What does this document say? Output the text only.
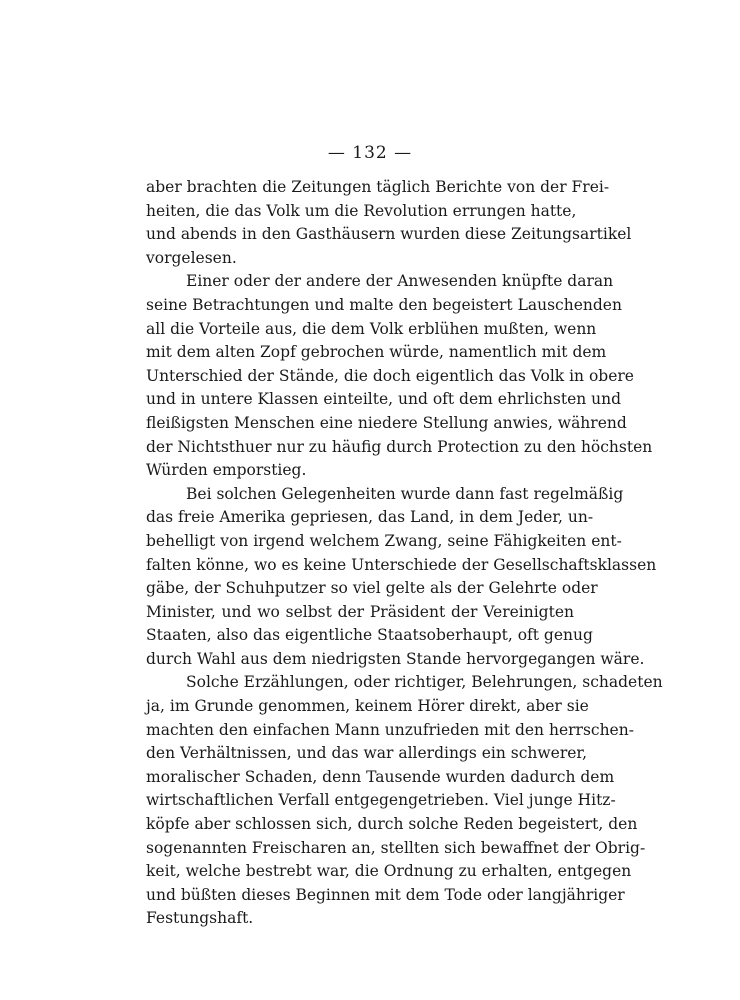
— 132 —
aber brachten die Zeitungen täglich Berichte von der Frei-
heiten, die das Volk um die Revolution errungen hatte,
und abends in den Gasthäusern wurden diese Zeitungsartikel
vorgelesen.
Einer oder der andere der Anwesenden knüpfte daran
seine Betrachtungen und malte den begeistert Lauschenden
all die Vorteile aus, die dem Volk erblühen mußten, wenn
mit dem alten Zopf gebrochen würde, namentlich mit dem
Unterschied der Stände, die doch eigentlich das Volk in obere
und in untere Klassen einteilte, und oft dem ehrlichsten und
fleißigsten Menschen eine niedere Stellung anwies, während
der Nichtsthuer nur zu häufig durch Protection zu den höchsten
Würden emporstieg.
Bei solchen Gelegenheiten wurde dann fast regelmäßig
das freie Amerika gepriesen, das Land, in dem Jeder, un-
behelligt von irgend welchem Zwang, seine Fähigkeiten ent-
falten könne, wo es keine Unterschiede der Gesellschaftsklassen
gäbe, der Schuhputzer so viel gelte als der Gelehrte oder
Minister, und wo selbst der Präsident der Vereinigten
Staaten, also das eigentliche Staatsoberhaupt, oft genug
durch Wahl aus dem niedrigsten Stande hervorgegangen wäre.
Solche Erzählungen, oder richtiger, Belehrungen, schadeten
ja, im Grunde genommen, keinem Hörer direkt, aber sie
machten den einfachen Mann unzufrieden mit den herrschen-
den Verhältnissen, und das war allerdings ein schwerer,
moralischer Schaden, denn Tausende wurden dadurch dem
wirtschaftlichen Verfall entgegengetrieben. Viel junge Hitz-
köpfe aber schlossen sich, durch solche Reden begeistert, den
sogenannten Freischaren an, stellten sich bewaffnet der Obrig-
keit, welche bestrebt war, die Ordnung zu erhalten, entgegen
und büßten dieses Beginnen mit dem Tode oder langjähriger
Festungshaft.
